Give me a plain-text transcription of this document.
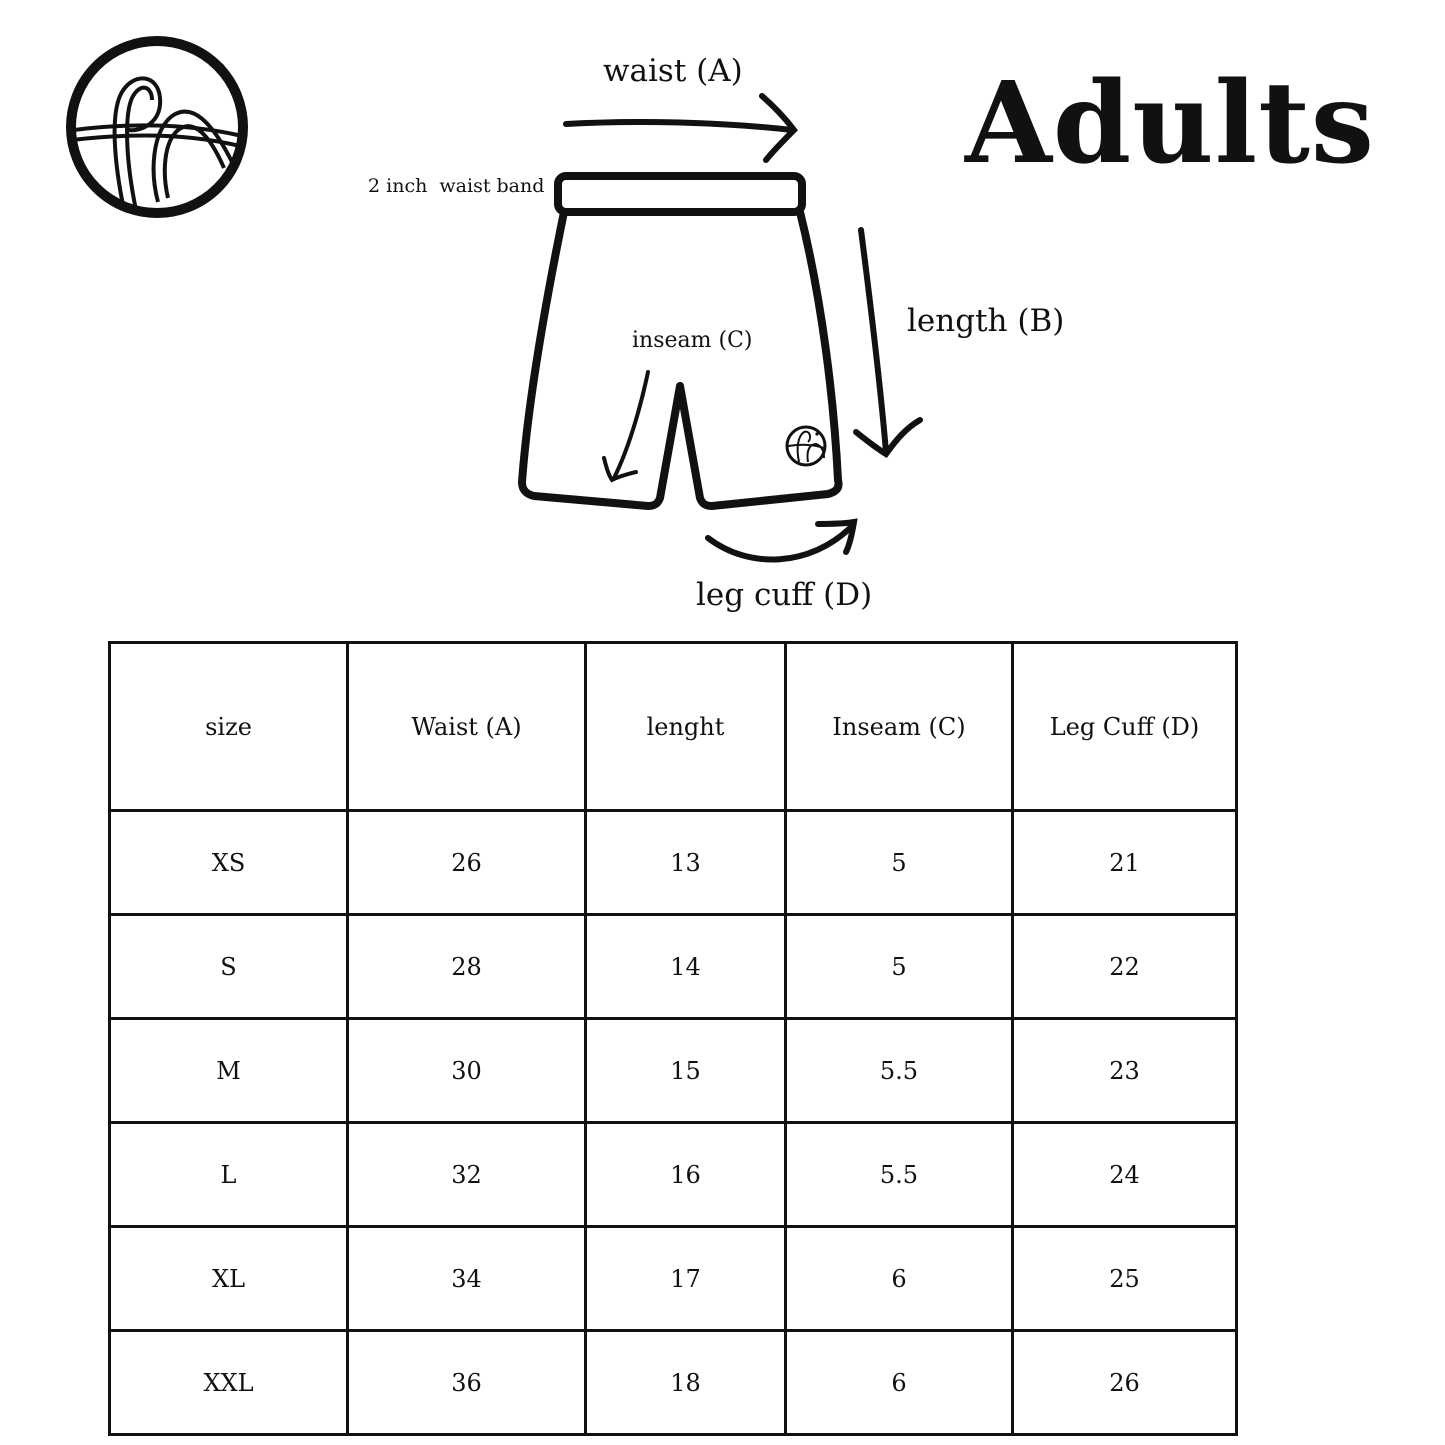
Adults
waist (A)
2 inch  waist band
length (B)
inseam (C)
leg cuff (D)
size	Waist (A)	lenght	Inseam (C)	Leg Cuff (D)
XS	26	13	5	21
S	28	14	5	22
M	30	15	5.5	23
L	32	16	5.5	24
XL	34	17	6	25
XXL	36	18	6	26
